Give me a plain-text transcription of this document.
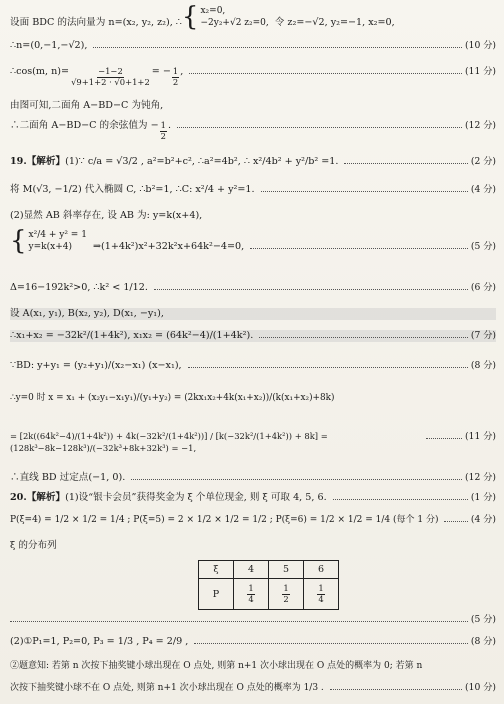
设面 BDC 的法向量为 n=(x₂, y₂, z₂), ∴ { x₂=0,
−2y₂+√2 z₂=0, 令 z₂=−√2, y₂=−1, x₂=0,
∴n=(0,−1,−√2),	(10 分)
∴cos(m, $n)= \frac{-1-2}{√9+1+2 \cdot √0+1+2}$ = − $\frac{1}{2}$ ,	(11 分)
由图可知,二面角 A−BD−C 为钝角,
∴二面角 A−BD−C 的余弦值为 − $\frac{1}{2}$ .	(12 分)
19.【解析】 (1)∵ c/a = √3/2 , a²=b²+c², ∴a²=4b², ∴ x²/4b² + y²/b² =1.	(2 分)
将 M(√3, −1/2) 代入椭圆 C, ∴b²=1, ∴C: x²/4 + y²=1.	(4 分)
(2)显然 AB 斜率存在, 设 AB 为: y=k(x+4),
{ x²/4 + y² = 1
y=k(x+4)	⇒(1+4k²)x²+32k²x+64k²−4=0,	(5 分)
Δ=16−192k²>0, ∴k² < 1/12.	(6 分)
设 A(x₁, y₁), B(x₂, y₂), D(x₁, −y₁),
∴x₁+x₂ = −32k²/(1+4k²), x₁x₂ = (64k²−4)/(1+4k²).	(7 分)
∵BD: y+y₁ = (y₂+y₁)/(x₂−x₁) (x−x₁),	(8 分)
∴y=0 时 x = x₁ + (x₂y₁−x₁y₁)/(y₁+y₂) = (2kx₁x₂+4k(x₁+x₂))/(k(x₁+x₂)+8k)
= [2k((64k²−4)/(1+4k²)) + 4k(−32k²/(1+4k²))] / [k(−32k²/(1+4k²)) + 8k] = (128k³−8k−128k³)/(−32k³+8k+32k³) = −1,
(11 分)
∴直线 BD 过定点(−1, 0).	(12 分)
20.【解析】 (1)设“银卡会员”获得奖金为 ξ 个单位现金, 则 ξ 可取 4, 5, 6.	(1 分)
P(ξ=4) = 1/2 × 1/2 = 1/4 ; P(ξ=5) = 2 × 1/2 × 1/2 = 1/2 ; P(ξ=6) = 1/2 × 1/2 = 1/4 (每个 1 分)	(4 分)
ξ 的分布列
ξ	4	5	6
P	$\frac{1}{4}$	$\frac{1}{2}$	$\frac{1}{4}$
(5 分)
(2)①P₁=1, P₂=0, P₃ = 1/3 , P₄ = 2/9 ,	(8 分)
②题意知: 若第 n 次按下抽奖键小球出现在 O 点处, 则第 n+1 次小球出现在 O 点处的概率为 0; 若第 n
次按下抽奖键小球不在 O 点处, 则第 n+1 次小球出现在 O 点处的概率为 1/3 .	(10 分)
